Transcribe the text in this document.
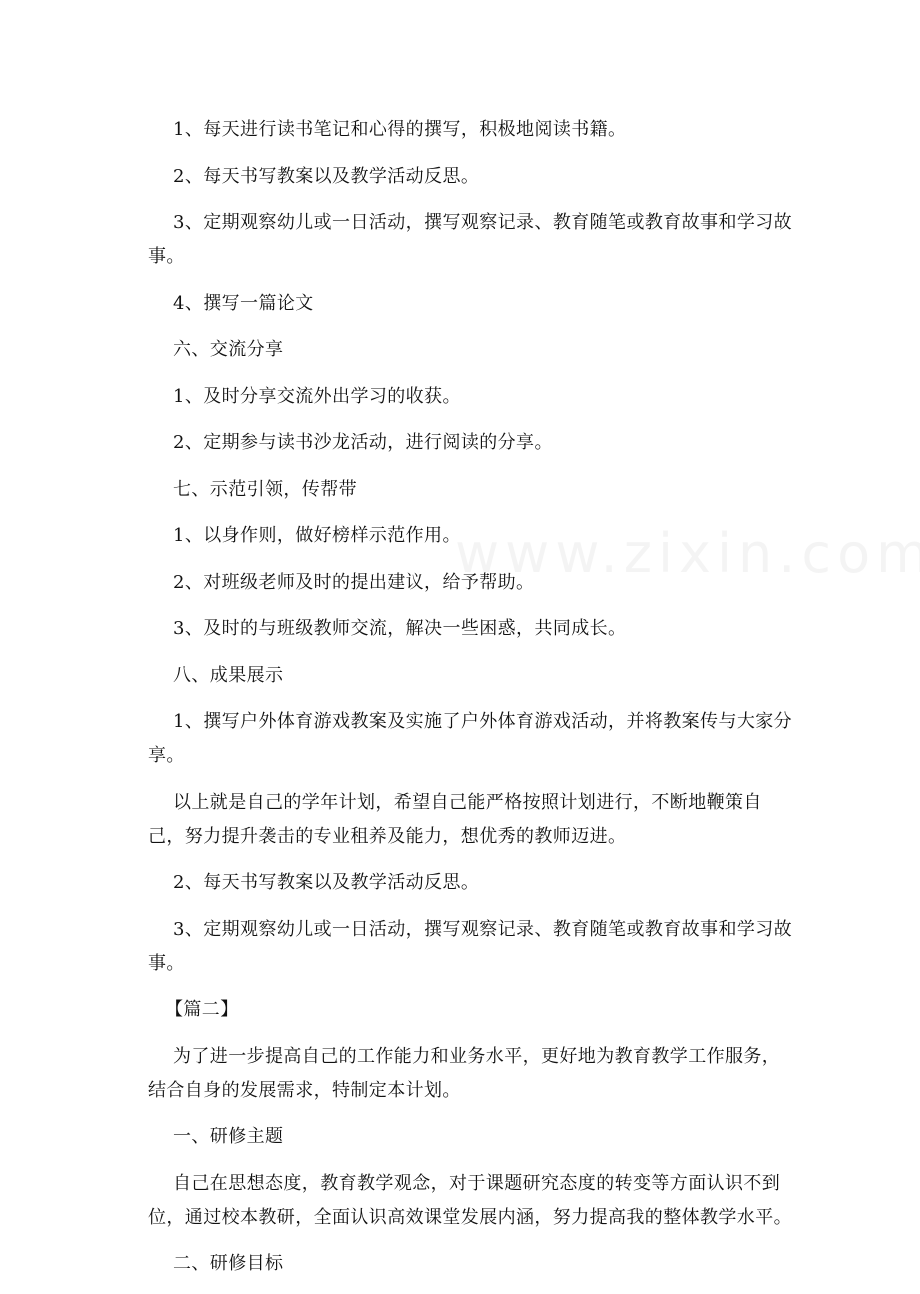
1、每天进行读书笔记和心得的撰写，积极地阅读书籍。
2、每天书写教案以及教学活动反思。
3、定期观察幼儿或一日活动，撰写观察记录、教育随笔或教育故事和学习故
事。
4、撰写一篇论文
六、交流分享
1、及时分享交流外出学习的收获。
2、定期参与读书沙龙活动，进行阅读的分享。
七、示范引领，传帮带
1、以身作则，做好榜样示范作用。
2、对班级老师及时的提出建议，给予帮助。
3、及时的与班级教师交流，解决一些困惑，共同成长。
八、成果展示
1、撰写户外体育游戏教案及实施了户外体育游戏活动，并将教案传与大家分
享。
以上就是自己的学年计划，希望自己能严格按照计划进行，不断地鞭策自
己，努力提升袭击的专业租养及能力，想优秀的教师迈进。
2、每天书写教案以及教学活动反思。
3、定期观察幼儿或一日活动，撰写观察记录、教育随笔或教育故事和学习故
事。
【篇二】
为了进一步提高自己的工作能力和业务水平，更好地为教育教学工作服务，
结合自身的发展需求，特制定本计划。
一、研修主题
自己在思想态度，教育教学观念，对于课题研究态度的转变等方面认识不到
位，通过校本教研，全面认识高效课堂发展内涵，努力提高我的整体教学水平。
二、研修目标
